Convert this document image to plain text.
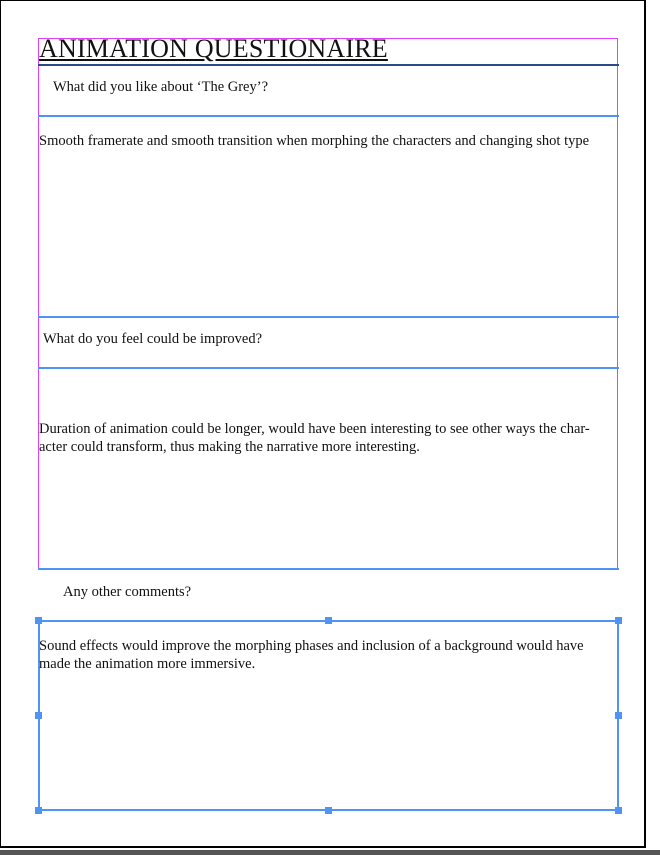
ANIMATION QUESTIONAIRE
What did you like about ‘The Grey’?
Smooth framerate and smooth transition when morphing the characters and changing shot type
What do you feel could be improved?
Duration of animation could be longer, would have been interesting to see other ways the char-acter could transform, thus making the narrative more interesting.
Any other comments?
Sound effects would improve the morphing phases and inclusion of a background would have made the animation more immersive.
